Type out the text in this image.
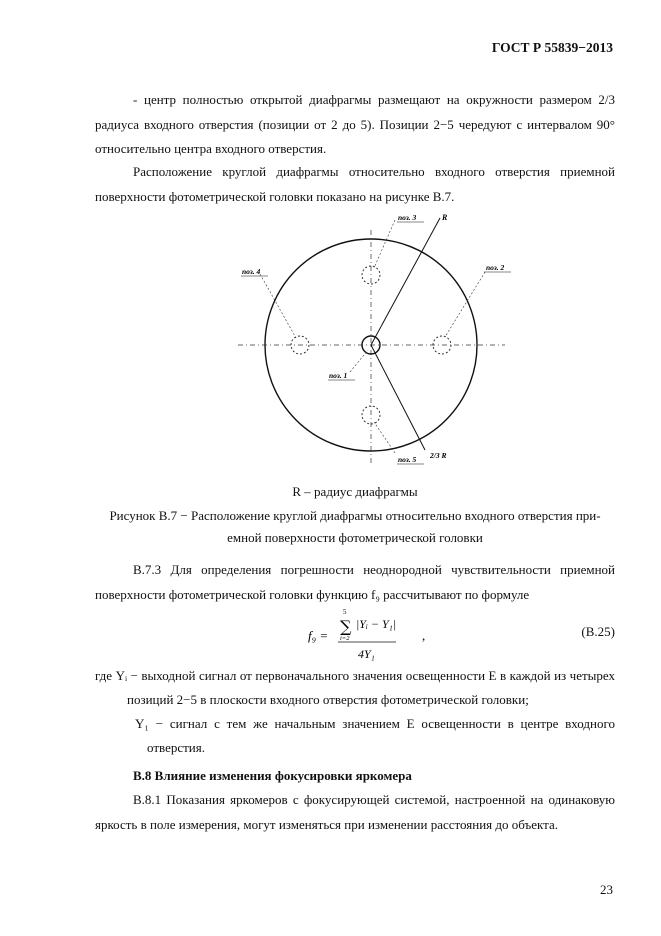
ГОСТ Р 55839−2013

- центр полностью открытой диафрагмы размещают на окружности размером 2/3 радиуса входного отверстия (позиции от 2 до 5). Позиции 2−5 чередуют с интервалом 90° относительно центра входного отверстия.

Расположение круглой диафрагмы относительно входного отверстия приемной поверхности фотометрической головки показано на рисунке В.7.

поз. 3	R
поз. 4	поз. 2
поз. 1
поз. 5 2/3 R
R – радиус диафрагмы
Рисунок В.7 − Расположение круглой диафрагмы относительно входного отверстия при-
емной поверхности фотометрической головки

В.7.3 Для определения погрешности неоднородной чувствительности приемной поверхности фотометрической головки функцию f₉ рассчитывают по формуле

f₉ =
5
∑
i=2
|Yᵢ − Y₁|
4Y₁
,	(В.25)
где Yᵢ − выходной сигнал от первоначального значения освещенности E в каждой из четырех позиций 2−5 в плоскости входного отверстия фотометрической головки;
Y₁ − сигнал с тем же начальным значением E освещенности в центре входного отверстия.
В.8 Влияние изменения фокусировки яркомера

В.8.1 Показания яркомеров с фокусирующей системой, настроенной на одинаковую яркость в поле измерения, могут изменяться при изменении расстояния до объекта.

23
